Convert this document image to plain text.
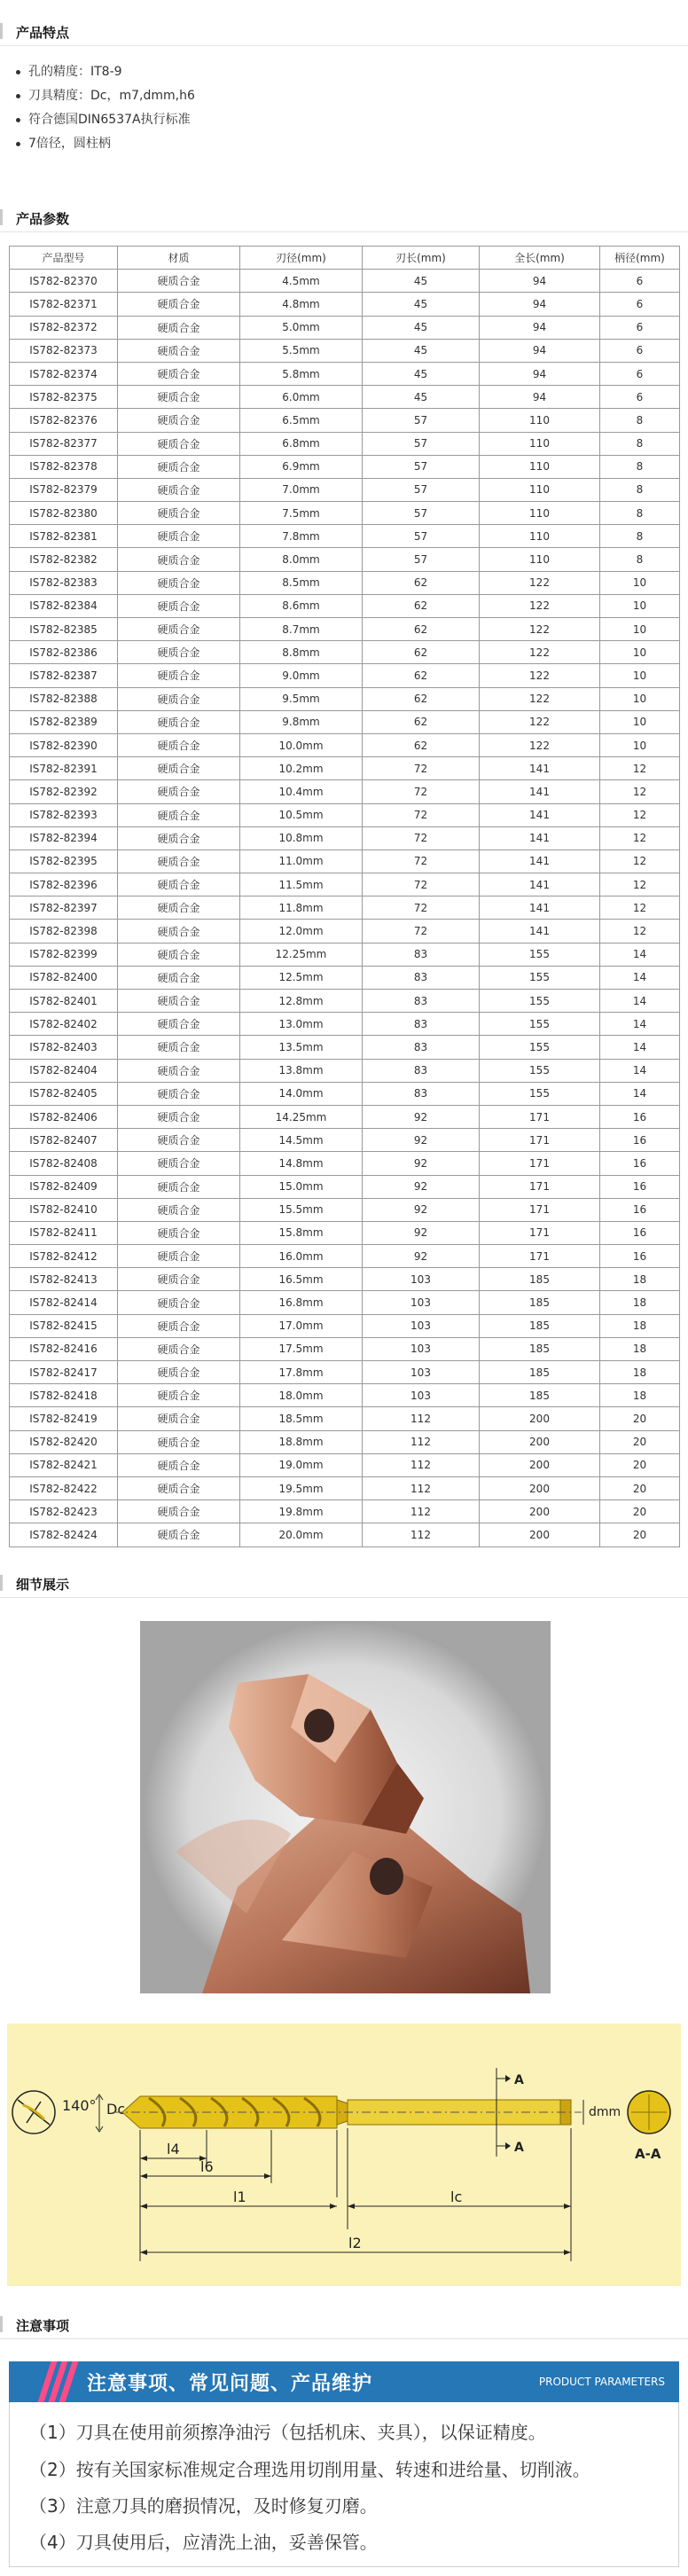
产品特点
孔的精度：IT8-9
刀具精度：Dc，m7,dmm,h6
符合德国DIN6537A执行标准
7倍径，圆柱柄
产品参数
产品型号	材质	刃径(mm)	刃长(mm)	全长(mm)	柄径(mm)
IS782-82370	硬质合金	4.5mm	45	94	6
IS782-82371	硬质合金	4.8mm	45	94	6
IS782-82372	硬质合金	5.0mm	45	94	6
IS782-82373	硬质合金	5.5mm	45	94	6
IS782-82374	硬质合金	5.8mm	45	94	6
IS782-82375	硬质合金	6.0mm	45	94	6
IS782-82376	硬质合金	6.5mm	57	110	8
IS782-82377	硬质合金	6.8mm	57	110	8
IS782-82378	硬质合金	6.9mm	57	110	8
IS782-82379	硬质合金	7.0mm	57	110	8
IS782-82380	硬质合金	7.5mm	57	110	8
IS782-82381	硬质合金	7.8mm	57	110	8
IS782-82382	硬质合金	8.0mm	57	110	8
IS782-82383	硬质合金	8.5mm	62	122	10
IS782-82384	硬质合金	8.6mm	62	122	10
IS782-82385	硬质合金	8.7mm	62	122	10
IS782-82386	硬质合金	8.8mm	62	122	10
IS782-82387	硬质合金	9.0mm	62	122	10
IS782-82388	硬质合金	9.5mm	62	122	10
IS782-82389	硬质合金	9.8mm	62	122	10
IS782-82390	硬质合金	10.0mm	62	122	10
IS782-82391	硬质合金	10.2mm	72	141	12
IS782-82392	硬质合金	10.4mm	72	141	12
IS782-82393	硬质合金	10.5mm	72	141	12
IS782-82394	硬质合金	10.8mm	72	141	12
IS782-82395	硬质合金	11.0mm	72	141	12
IS782-82396	硬质合金	11.5mm	72	141	12
IS782-82397	硬质合金	11.8mm	72	141	12
IS782-82398	硬质合金	12.0mm	72	141	12
IS782-82399	硬质合金	12.25mm	83	155	14
IS782-82400	硬质合金	12.5mm	83	155	14
IS782-82401	硬质合金	12.8mm	83	155	14
IS782-82402	硬质合金	13.0mm	83	155	14
IS782-82403	硬质合金	13.5mm	83	155	14
IS782-82404	硬质合金	13.8mm	83	155	14
IS782-82405	硬质合金	14.0mm	83	155	14
IS782-82406	硬质合金	14.25mm	92	171	16
IS782-82407	硬质合金	14.5mm	92	171	16
IS782-82408	硬质合金	14.8mm	92	171	16
IS782-82409	硬质合金	15.0mm	92	171	16
IS782-82410	硬质合金	15.5mm	92	171	16
IS782-82411	硬质合金	15.8mm	92	171	16
IS782-82412	硬质合金	16.0mm	92	171	16
IS782-82413	硬质合金	16.5mm	103	185	18
IS782-82414	硬质合金	16.8mm	103	185	18
IS782-82415	硬质合金	17.0mm	103	185	18
IS782-82416	硬质合金	17.5mm	103	185	18
IS782-82417	硬质合金	17.8mm	103	185	18
IS782-82418	硬质合金	18.0mm	103	185	18
IS782-82419	硬质合金	18.5mm	112	200	20
IS782-82420	硬质合金	18.8mm	112	200	20
IS782-82421	硬质合金	19.0mm	112	200	20
IS782-82422	硬质合金	19.5mm	112	200	20
IS782-82423	硬质合金	19.8mm	112	200	20
IS782-82424	硬质合金	20.0mm	112	200	20
细节展示
140° Dc
A
A
dmm
A-A
l4
l6
l1	lc
l2
注意事项
注意事项、常见问题、产品维护	PRODUCT PARAMETERS

（1）刀具在使用前须擦净油污（包括机床、夹具），以保证精度。

（2）按有关国家标准规定合理选用切削用量、转速和进给量、切削液。

（3）注意刀具的磨损情况，及时修复刃磨。

（4）刀具使用后，应清洗上油，妥善保管。
